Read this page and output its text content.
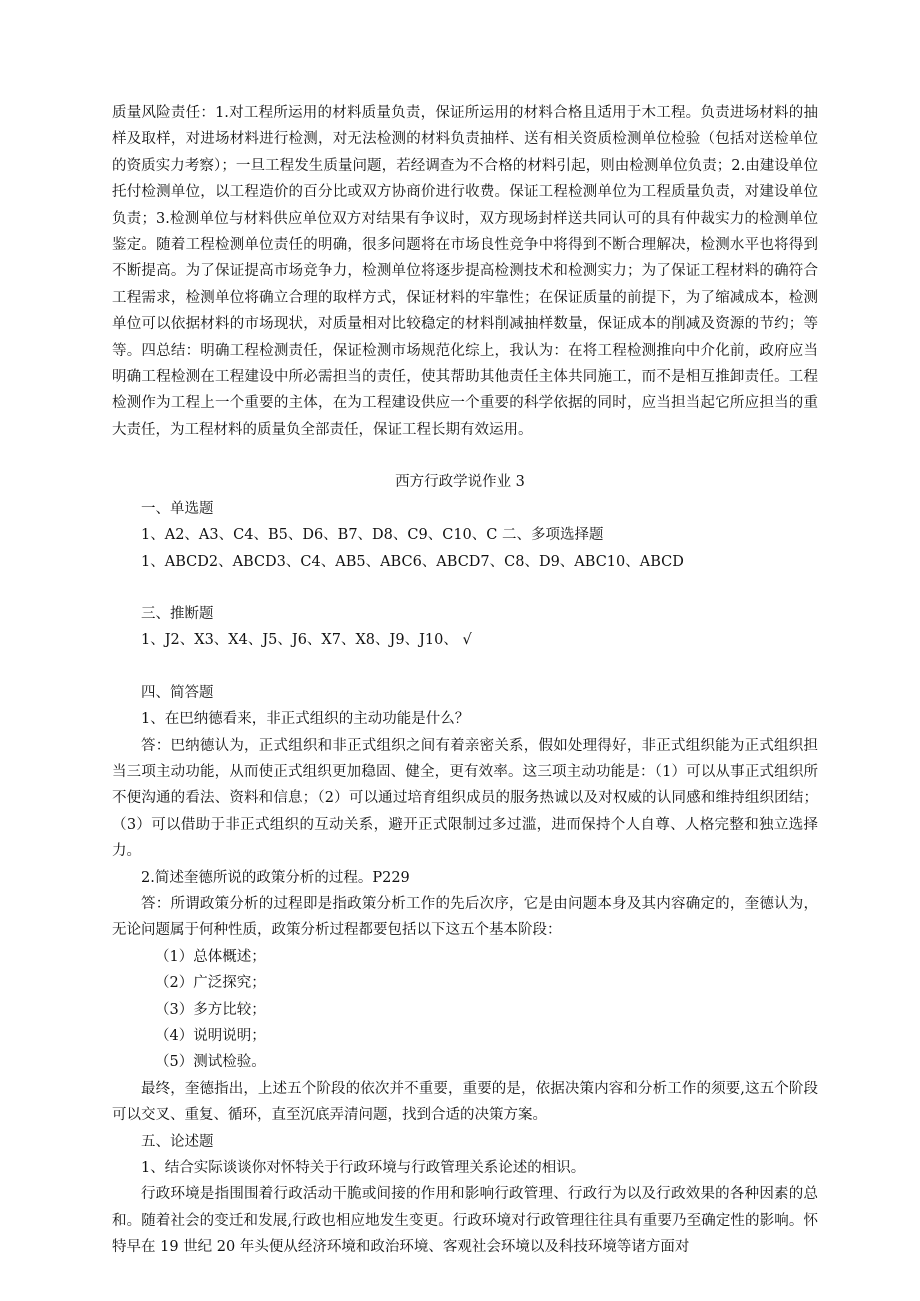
质量风险责任：1.对工程所运用的材料质量负责，保证所运用的材料合格且适用于木工程。负责进场材料的抽样及取样，对进场材料进行检测，对无法检测的材料负责抽样、送有相关资质检测单位检验（包括对送检单位的资质实力考察）；一旦工程发生质量问题，若经调查为不合格的材料引起，则由检测单位负责；2.由建设单位托付检测单位，以工程造价的百分比或双方协商价进行收费。保证工程检测单位为工程质量负责，对建设单位负责；3.检测单位与材料供应单位双方对结果有争议时，双方现场封样送共同认可的具有仲裁实力的检测单位鉴定。随着工程检测单位责任的明确，很多问题将在市场良性竞争中将得到不断合理解决，检测水平也将得到不断提高。为了保证提高市场竞争力，检测单位将逐步提高检测技术和检测实力；为了保证工程材料的确符合工程需求，检测单位将确立合理的取样方式，保证材料的牢靠性；在保证质量的前提下，为了缩减成本，检测单位可以依据材料的市场现状，对质量相对比较稳定的材料削减抽样数量，保证成本的削减及资源的节约；等等。四总结：明确工程检测责任，保证检测市场规范化综上，我认为：在将工程检测推向中介化前，政府应当明确工程检测在工程建设中所必需担当的责任，使其帮助其他责任主体共同施工，而不是相互推卸责任。工程检测作为工程上一个重要的主体，在为工程建设供应一个重要的科学依据的同时，应当担当起它所应担当的重大责任，为工程材料的质量负全部责任，保证工程长期有效运用。

西方行政学说作业 3

一、单选题

1、A2、A3、C4、B5、D6、B7、D8、C9、C10、C 二、多项选择题

1、ABCD2、ABCD3、C4、AB5、ABC6、ABCD7、C8、D9、ABC10、ABCD

三、推断题

1、J2、X3、X4、J5、J6、X7、X8、J9、J10、 √

四、简答题

1、在巴纳德看来，非正式组织的主动功能是什么？

答：巴纳德认为，正式组织和非正式组织之间有着亲密关系，假如处理得好，非正式组织能为正式组织担当三项主动功能，从而使正式组织更加稳固、健全，更有效率。这三项主动功能是：（1）可以从事正式组织所不便沟通的看法、资料和信息；（2）可以通过培育组织成员的服务热诚以及对权威的认同感和维持组织团结；（3）可以借助于非正式组织的互动关系，避开正式限制过多过滥，进而保持个人自尊、人格完整和独立选择力。

2.简述奎德所说的政策分析的过程。P229

答：所谓政策分析的过程即是指政策分析工作的先后次序，它是由问题本身及其内容确定的，奎德认为，无论问题属于何种性质，政策分析过程都要包括以下这五个基本阶段：

（1）总体概述；

（2）广泛探究；

（3）多方比较；

（4）说明说明；

（5）测试检验。

最终，奎德指出，上述五个阶段的依次并不重要，重要的是，依据决策内容和分析工作的须要,这五个阶段可以交叉、重复、循环，直至沉底弄清问题，找到合适的决策方案。

五、论述题

1、结合实际谈谈你对怀特关于行政环境与行政管理关系论述的相识。

行政环境是指围围着行政活动干脆或间接的作用和影响行政管理、行政行为以及行政效果的各种因素的总和。随着社会的变迁和发展,行政也相应地发生变更。行政环境对行政管理往往具有重要乃至确定性的影响。怀特早在 19 世纪 20 年头便从经济环境和政治环境、客观社会环境以及科技环境等诸方面对
